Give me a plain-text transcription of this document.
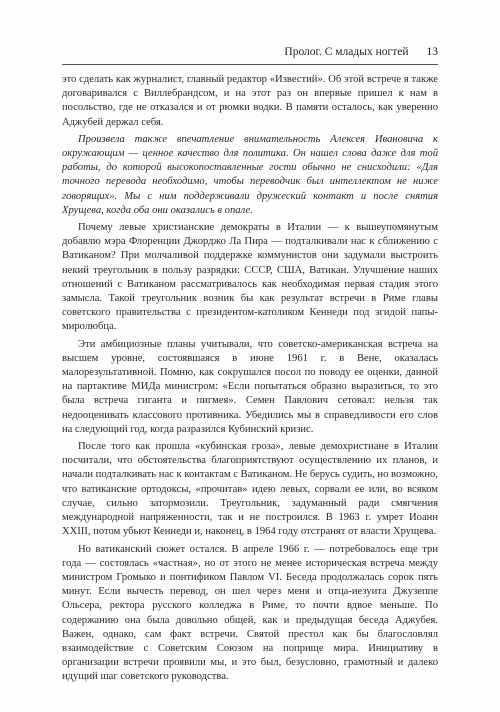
Пролог. С младых ногтей 13

это сделать как журналист, главный редактор «Известий». Об этой встрече я также договаривался с Виллебрандсом, и на этот раз он впервые пришел к нам в посольство, где не отказался и от рюмки водки. В памяти осталось, как уверенно Аджубей держал себя.

Произвела также впечатление внимательность Алексея Ивановича к окружающим — ценное качество для политика. Он нашел слова даже для той работы, до которой высокопоставленные гости обычно не снисходили: «Для точного перевода необходимо, чтобы переводчик был интеллектом не ниже говорящих». Мы с ним поддерживали дружеский контакт и после снятия Хрущева, когда оба они оказались в опале.

Почему левые христианские демократы в Италии — к вышеупомянутым добавлю мэра Флоренции Джорджо Ла Пира — подталкивали нас к сближению с Ватиканом? При молчаливой поддержке коммунистов они задумали выстроить некий треугольник в пользу разрядки: СССР, США, Ватикан. Улучшение наших отношений с Ватиканом рассматривалось как необходимая первая стадия этого замысла. Такой треугольник возник бы как результат встречи в Риме главы советского правительства с президентом-католиком Кеннеди под эгидой папы-миролюбца.

Эти амбициозные планы учитывали, что советско-американская встреча на высшем уровне, состоявшаяся в июне 1961 г. в Вене, оказалась малорезультативной. Помню, как сокрушался посол по поводу ее оценки, данной на партактиве МИДа министром: «Если попытаться образно выразиться, то это была встреча гиганта и пигмея». Семен Павлович сетовал: нельзя так недооценивать классового противника. Убедились мы в справедливости его слов на следующий год, когда разразился Кубинский кризис.

После того как прошла «кубинская гроза», левые демохристиане в Италии посчитали, что обстоятельства благоприятствуют осуществлению их планов, и начали подталкивать нас к контактам с Ватиканом. Не берусь судить, но возможно, что ватиканские ортодоксы, «прочитав» идею левых, сорвали ее или, во всяком случае, сильно затормозили. Треугольник, задуманный ради смягчения международной напряженности, так и не построился. В 1963 г. умрет Иоанн XXIII, потом убьют Кеннеди и, наконец, в 1964 году отстранят от власти Хрущева.

Но ватиканский сюжет остался. В апреле 1966 г. — потребовалось еще три года — состоялась «частная», но от этого не менее историческая встреча между министром Громыко и понтификом Павлом VI. Беседа продолжалась сорок пять минут. Если вычесть перевод, он шел через меня и отца-иезуита Джузеппе Ольсера, ректора русского колледжа в Риме, то почти вдвое меньше. По содержанию она была довольно общей, как и предыдущая беседа Аджубея. Важен, однако, сам факт встречи. Святой престол как бы благословлял взаимодействие с Советским Союзом на поприще мира. Инициативу в организации встречи проявили мы, и это был, безусловно, грамотный и далеко идущий шаг советского руководства.
